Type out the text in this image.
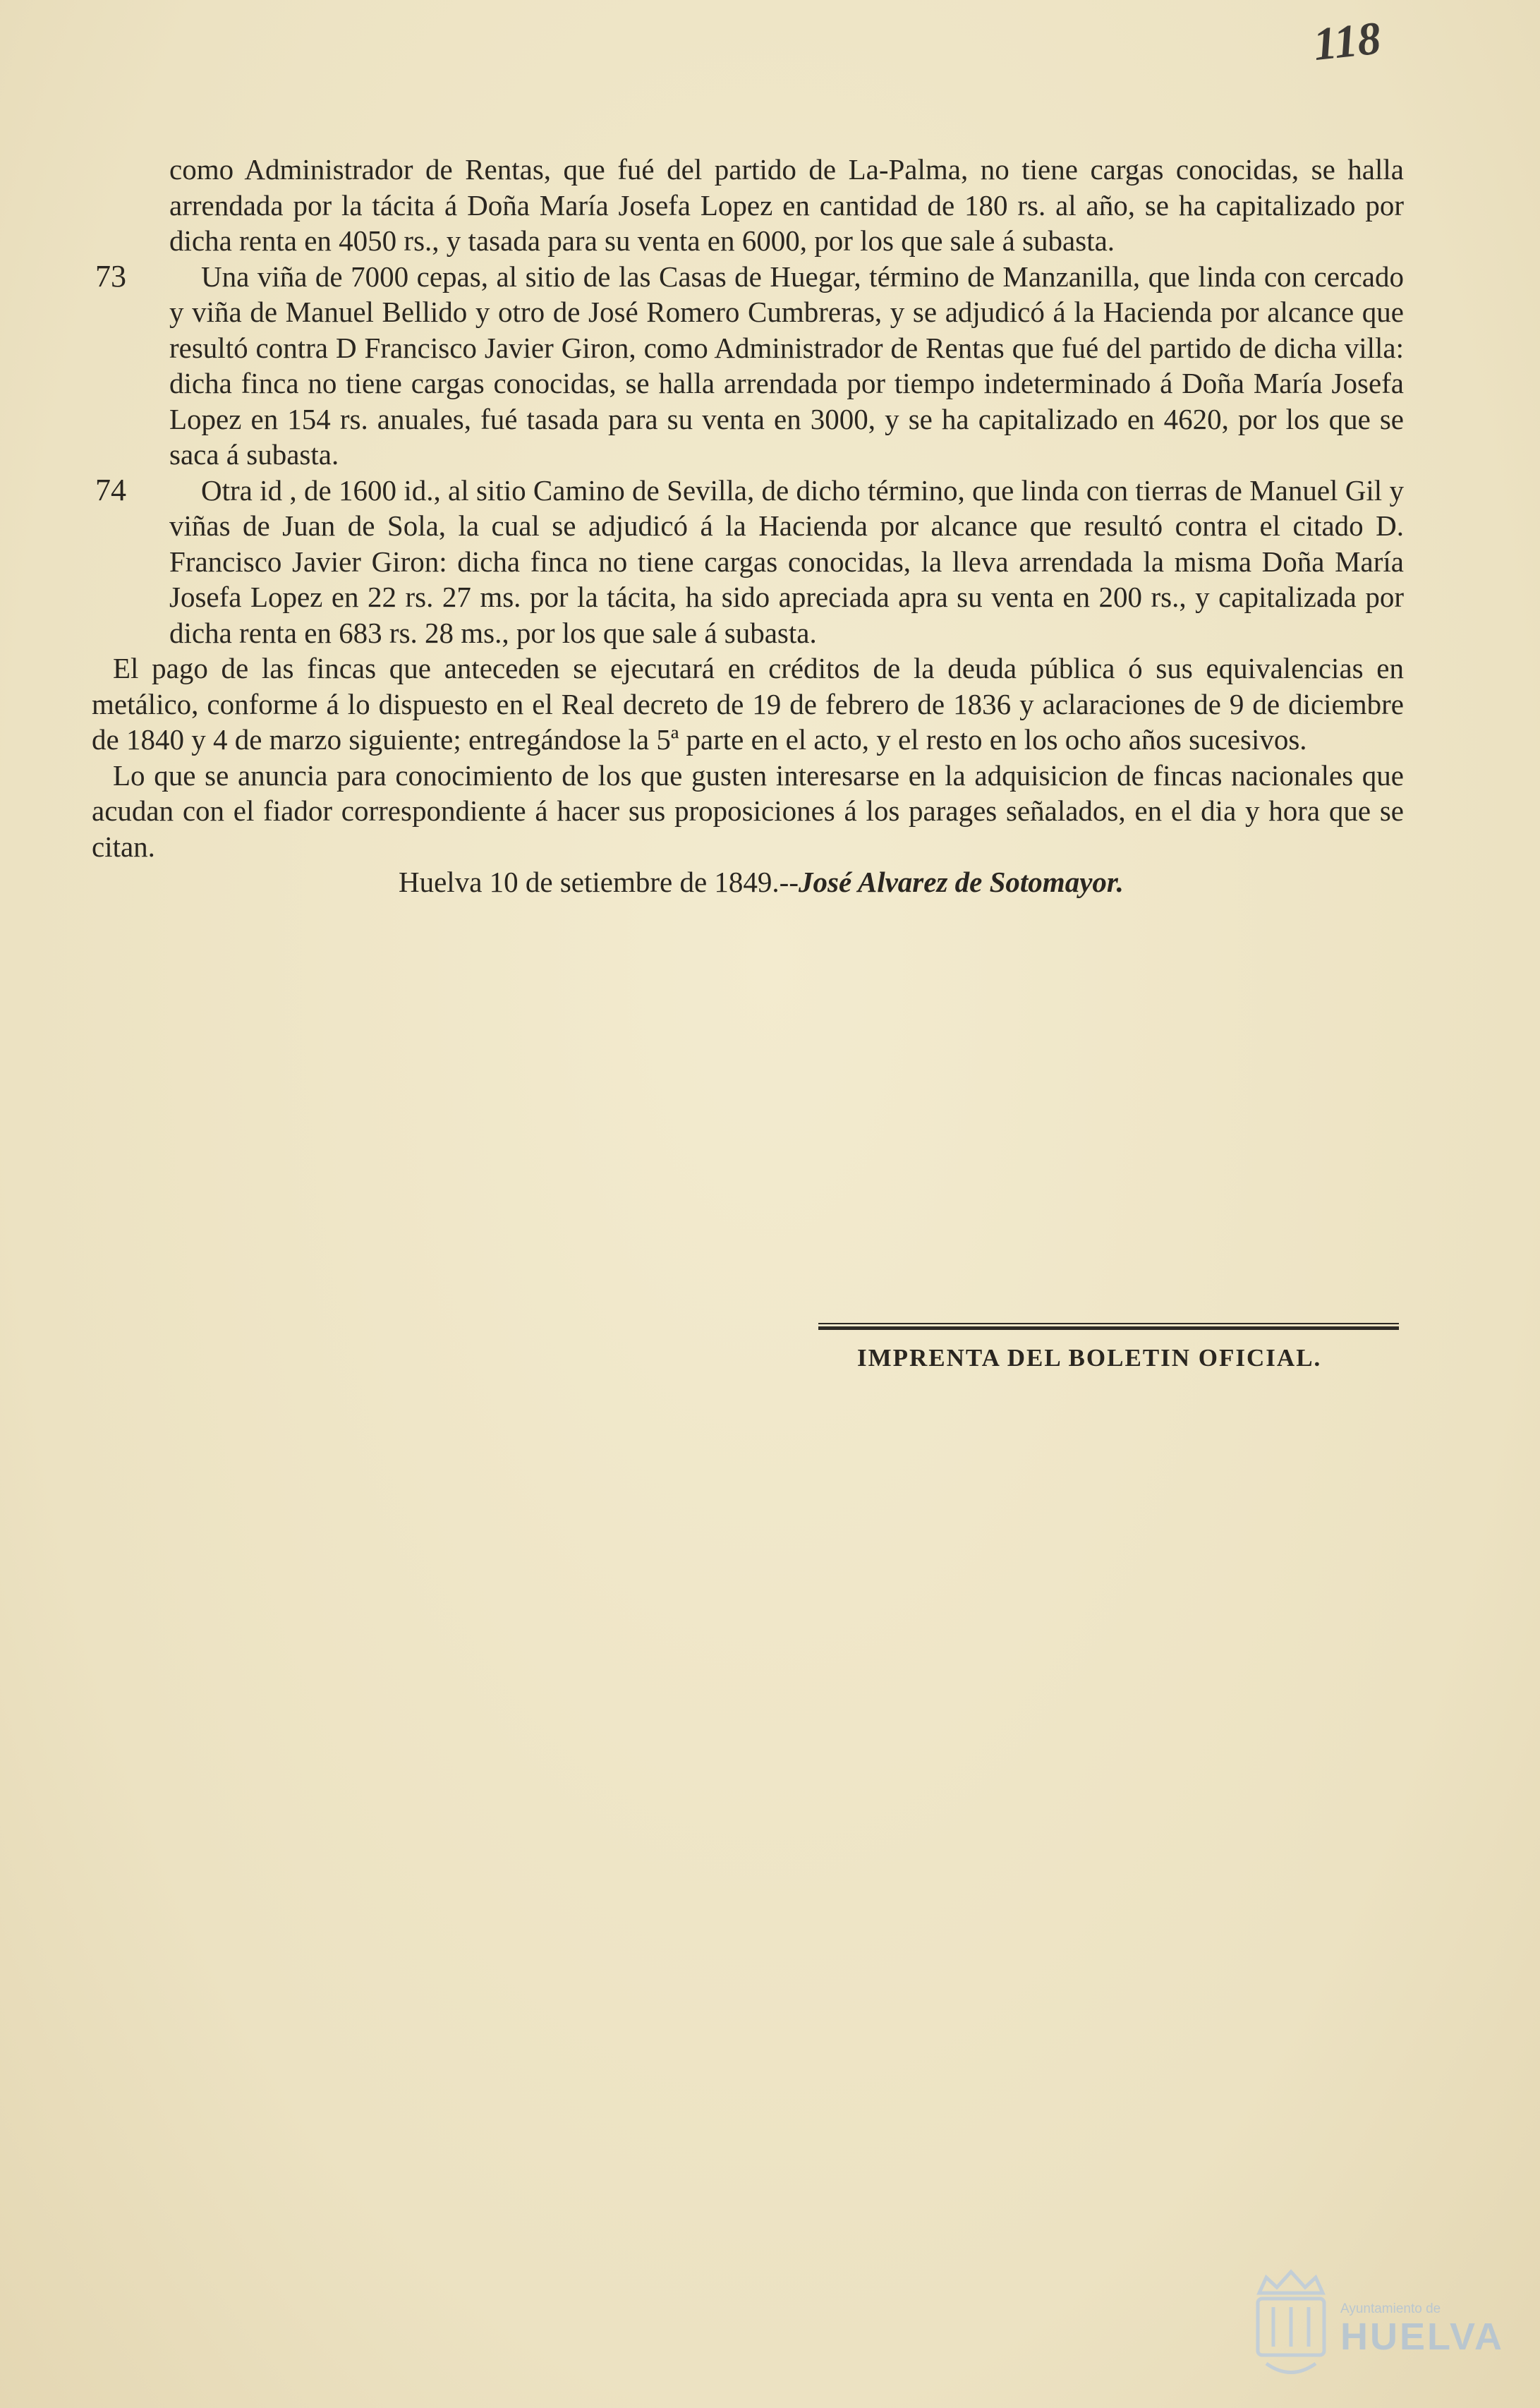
118

como Administrador de Rentas, que fué del partido de La-Palma, no tiene cargas conocidas, se halla arrendada por la tácita á Doña María Josefa Lopez en cantidad de 180 rs. al año, se ha capitalizado por dicha renta en 4050 rs., y tasada para su venta en 6000, por los que sale á subasta.

73	Una viña de 7000 cepas, al sitio de las Casas de Huegar, término de Manzanilla, que linda con cercado y viña de Manuel Bellido y otro de José Romero Cumbreras, y se adjudicó á la Hacienda por alcance que resultó contra D Francisco Javier Giron, como Administrador de Rentas que fué del partido de dicha villa: dicha finca no tiene cargas conocidas, se halla arrendada por tiempo indeterminado á Doña María Josefa Lopez en 154 rs. anuales, fué tasada para su venta en 3000, y se ha capitalizado en 4620, por los que se saca á subasta.
74	Otra id , de 1600 id., al sitio Camino de Sevilla, de dicho término, que linda con tierras de Manuel Gil y viñas de Juan de Sola, la cual se adjudicó á la Hacienda por alcance que resultó contra el citado D. Francisco Javier Giron: dicha finca no tiene cargas conocidas, la lleva arrendada la misma Doña María Josefa Lopez en 22 rs. 27 ms. por la tácita, ha sido apreciada apra su venta en 200 rs., y capitalizada por dicha renta en 683 rs. 28 ms., por los que sale á subasta.

El pago de las fincas que anteceden se ejecutará en créditos de la deuda pública ó sus equivalencias en metálico, conforme á lo dispuesto en el Real decreto de 19 de febrero de 1836 y aclaraciones de 9 de diciembre de 1840 y 4 de marzo siguiente; entregándose la 5ª parte en el acto, y el resto en los ocho años sucesivos.

Lo que se anuncia para conocimiento de los que gusten interesarse en la adquisicion de fincas nacionales que acudan con el fiador correspondiente á hacer sus proposiciones á los parages señalados, en el dia y hora que se citan.

Huelva 10 de setiembre de 1849.--José Alvarez de Sotomayor.

IMPRENTA DEL BOLETIN OFICIAL.
Ayuntamiento de
HUELVA
